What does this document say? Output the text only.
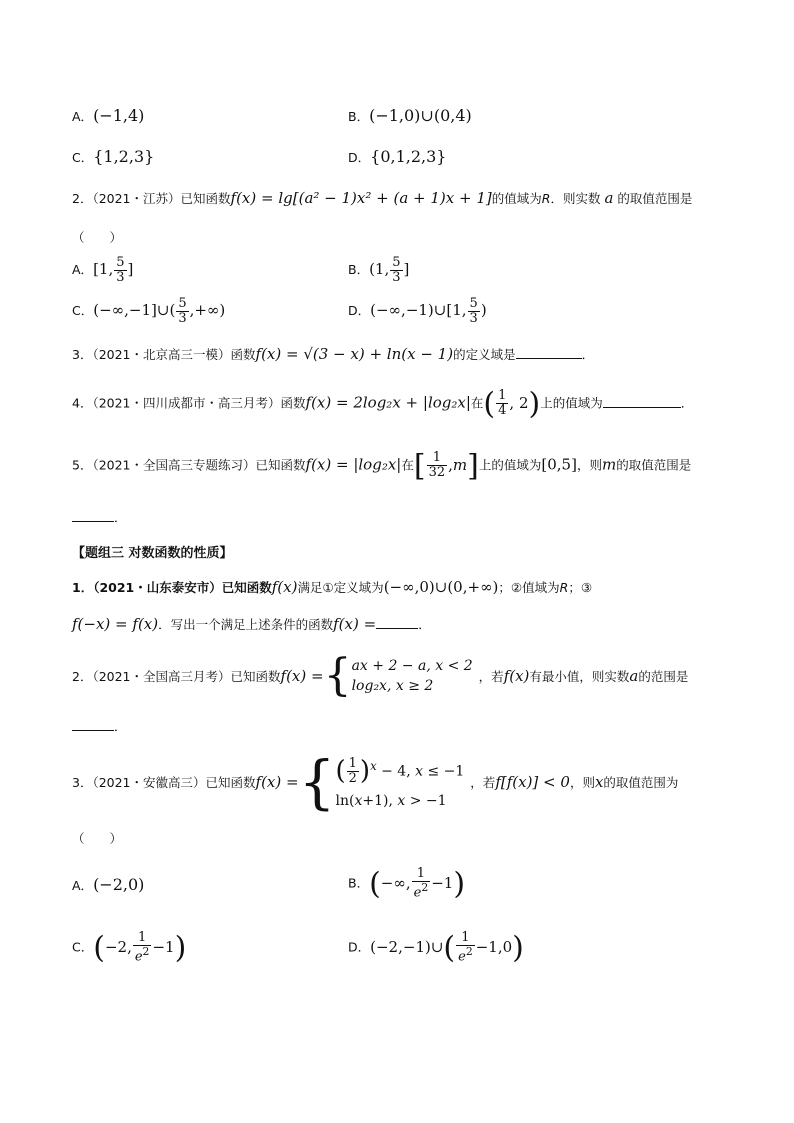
A．(−1,4)	B．(−1,0)∪(0,4)
C．{1,2,3}	D．{0,1,2,3}
2．（2021・江苏）已知函数f(x) = lg[(a² − 1)x² + (a + 1)x + 1]的值域为R．则实数 a 的取值范围是
（　　）
A．[1, $\frac{5}{3}$ ]	B．(1, $\frac{5}{3}$ ]
C．(−∞,−1]∪( $\frac{5}{3}$ ,+∞)	D．(−∞,−1)∪[1, $\frac{5}{3}$ )
3．（2021・北京高三一模）函数f(x) = √(3 − x) + ln(x − 1)的定义域是	．
4．（2021・四川成都市・高三月考）函数f(x) = 2log₂x + |log₂x|在( $\frac{1}{4}$ , 2)上的值域为	．
5．（2021・全国高三专题练习）已知函数f(x) = |log₂x|在[ $\frac{1}{32} ,m$]上的值域为[0,5]，则m的取值范围是
．
【题组三 对数函数的性质】
1．（2021・山东泰安市）已知函数f(x)满足①定义域为(−∞,0)∪(0,+∞)；②值域为R；③
f(−x) = f(x)．写出一个满足上述条件的函数f(x) =	．
2．（2021・全国高三月考）已知函数 f(x) = { ax + 2 − a, x < 2
log₂x, x ≥ 2
，若 f(x) 有最小值，则实数 a 的范围是
．
3．（2021・安徽高三）已知函数 f(x) = { ( $\frac{1}{2} )^x - 4$, x ≤ −1
ln(x+1), x > −1
，若 f[f(x)] < 0 ，则 x 的取值范围为
（　　）
A．(−2,0)	B．(−∞, $\frac{1}{e^2} -1$)
C．(−2, $\frac{1}{e^2} -1$)	D．(−2,−1)∪( $\frac{1}{e^2} -1,0$)
